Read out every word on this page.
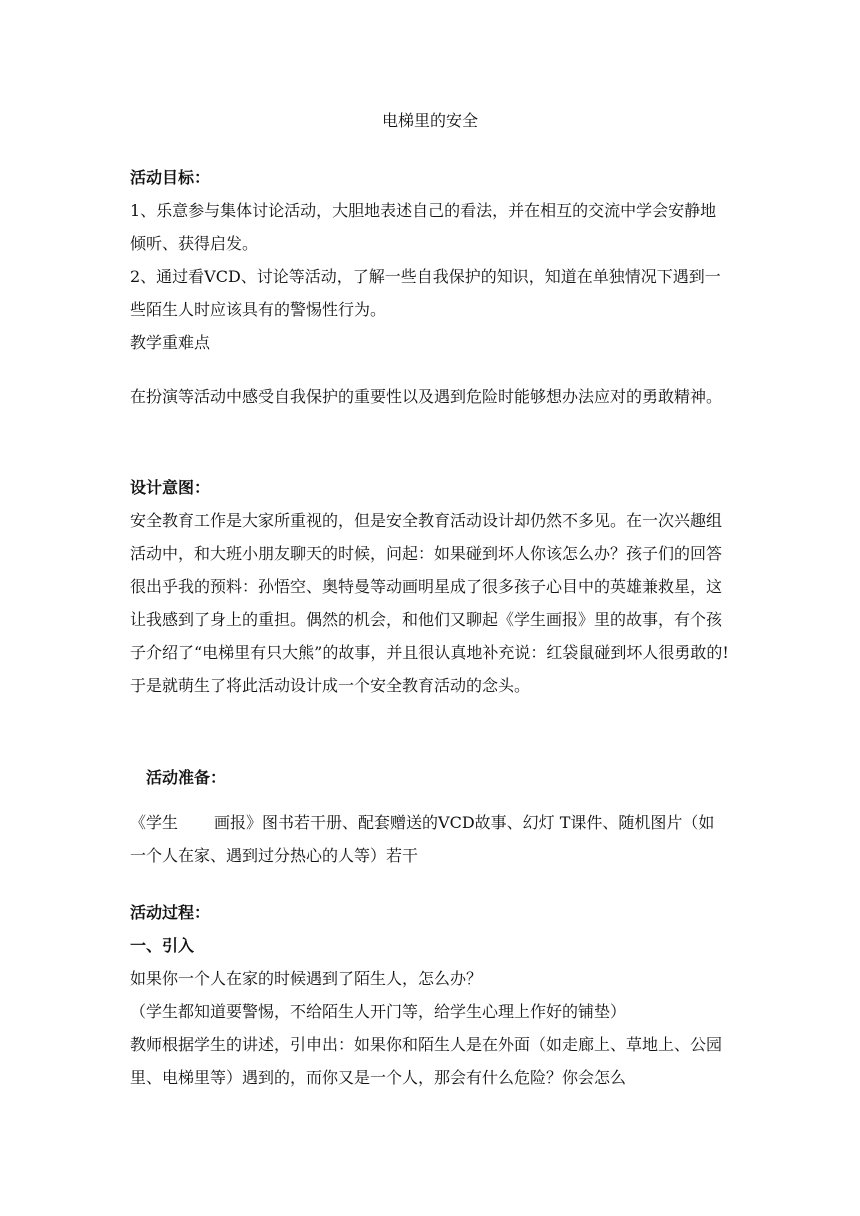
电梯里的安全

活动目标：

1、乐意参与集体讨论活动，大胆地表述自己的看法，并在相互的交流中学会安静地倾听、获得启发。

2、通过看VCD、讨论等活动，了解一些自我保护的知识，知道在单独情况下遇到一些陌生人时应该具有的警惕性行为。

教学重难点

在扮演等活动中感受自我保护的重要性以及遇到危险时能够想办法应对的勇敢精神。

设计意图：

安全教育工作是大家所重视的，但是安全教育活动设计却仍然不多见。在一次兴趣组活动中，和大班小朋友聊天的时候，问起：如果碰到坏人你该怎么办？孩子们的回答很出乎我的预料：孙悟空、奥特曼等动画明星成了很多孩子心目中的英雄兼救星，这让我感到了身上的重担。偶然的机会，和他们又聊起《学生画报》里的故事，有个孩子介绍了“电梯里有只大熊”的故事，并且很认真地补充说：红袋鼠碰到坏人很勇敢的!于是就萌生了将此活动设计成一个安全教育活动的念头。

活动准备：

《学生 画报》图书若干册、配套赠送的VCD故事、幻灯 T课件、随机图片（如一个人在家、遇到过分热心的人等）若干

活动过程：

一、引入

如果你一个人在家的时候遇到了陌生人，怎么办？

（学生都知道要警惕，不给陌生人开门等，给学生心理上作好的铺垫）

教师根据学生的讲述，引申出：如果你和陌生人是在外面（如走廊上、草地上、公园里、电梯里等）遇到的，而你又是一个人，那会有什么危险？你会怎么
